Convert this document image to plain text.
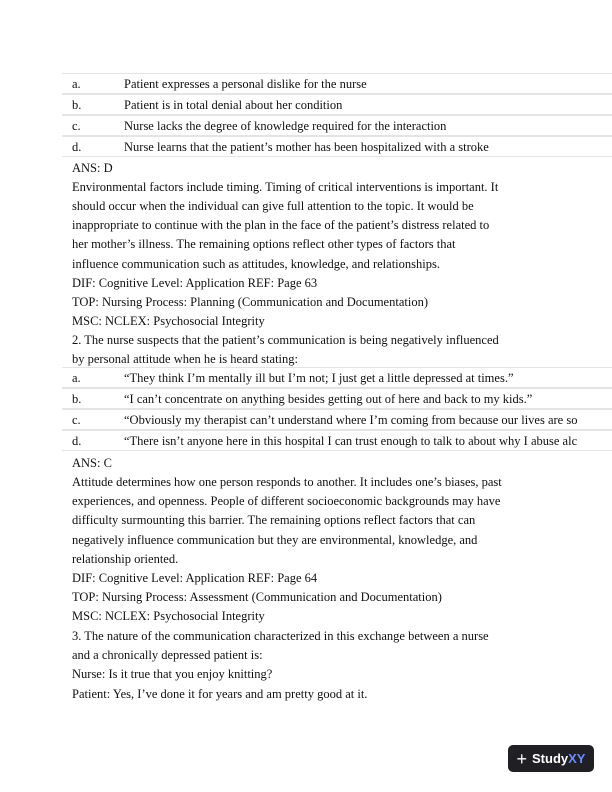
a.	Patient expresses a personal dislike for the nurse
b.	Patient is in total denial about her condition
c.	Nurse lacks the degree of knowledge required for the interaction
d.	Nurse learns that the patient’s mother has been hospitalized with a stroke
ANS: D
Environmental factors include timing. Timing of critical interventions is important. It
should occur when the individual can give full attention to the topic. It would be
inappropriate to continue with the plan in the face of the patient’s distress related to
her mother’s illness. The remaining options reflect other types of factors that
influence communication such as attitudes, knowledge, and relationships.
DIF: Cognitive Level: Application REF: Page 63
TOP: Nursing Process: Planning (Communication and Documentation)
MSC: NCLEX: Psychosocial Integrity
2. The nurse suspects that the patient’s communication is being negatively influenced
by personal attitude when he is heard stating:
a.	“They think I’m mentally ill but I’m not; I just get a little depressed at times.”
b.	“I can’t concentrate on anything besides getting out of here and back to my kids.”
c.	“Obviously my therapist can’t understand where I’m coming from because our lives are so
d.	“There isn’t anyone here in this hospital I can trust enough to talk to about why I abuse alc
ANS: C
Attitude determines how one person responds to another. It includes one’s biases, past
experiences, and openness. People of different socioeconomic backgrounds may have
difficulty surmounting this barrier. The remaining options reflect factors that can
negatively influence communication but they are environmental, knowledge, and
relationship oriented.
DIF: Cognitive Level: Application REF: Page 64
TOP: Nursing Process: Assessment (Communication and Documentation)
MSC: NCLEX: Psychosocial Integrity
3. The nature of the communication characterized in this exchange between a nurse
and a chronically depressed patient is:
Nurse: Is it true that you enjoy knitting?
Patient: Yes, I’ve done it for years and am pretty good at it.
+ Study XY
